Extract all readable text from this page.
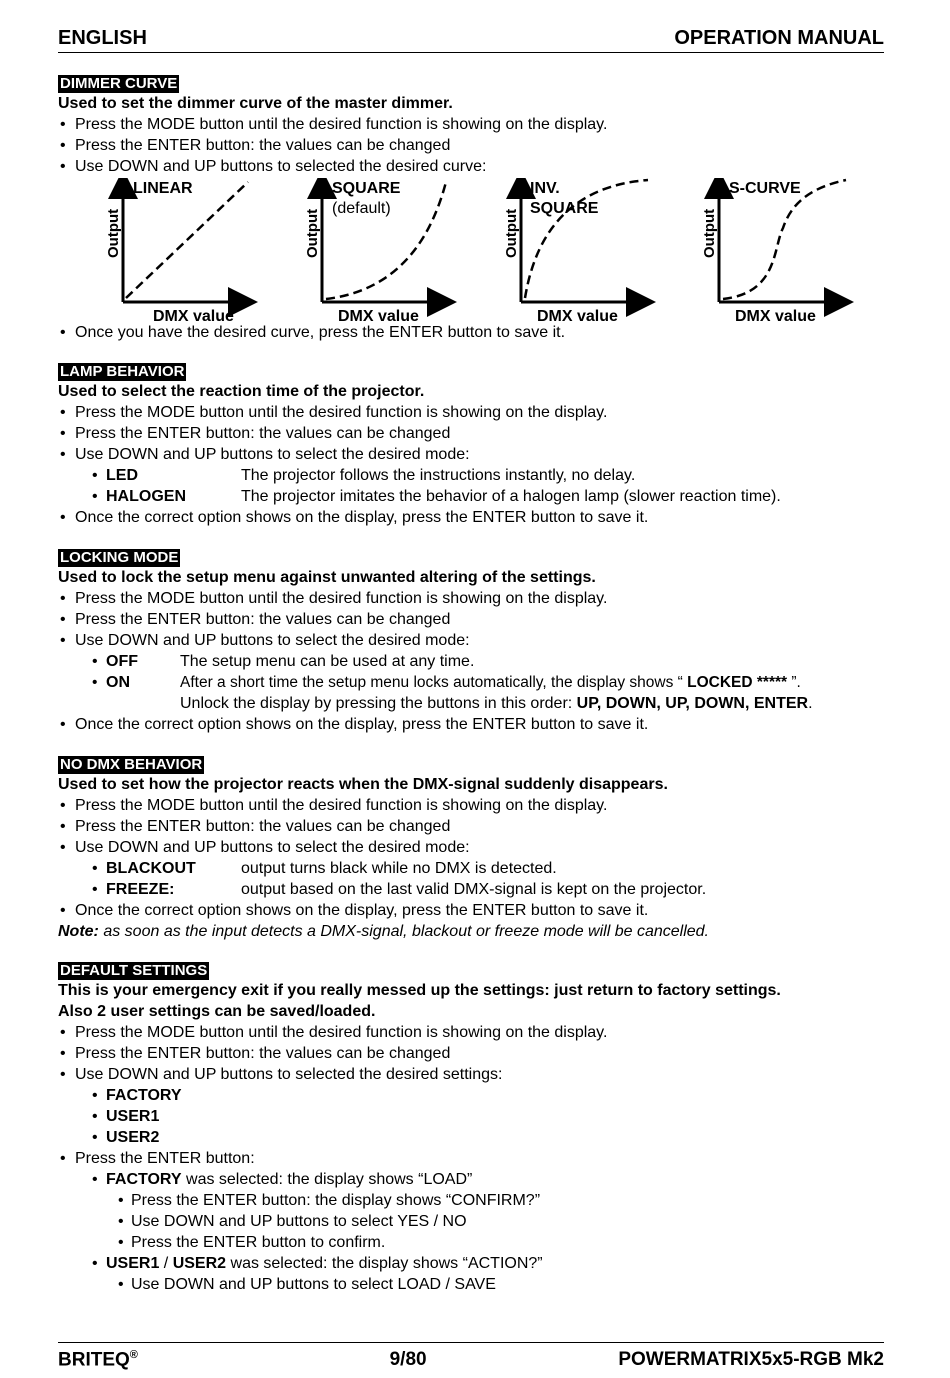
ENGLISH	OPERATION MANUAL
DIMMER CURVE
Used to set the dimmer curve of the master dimmer.
• Press the MODE button until the desired function is showing on the display.
• Press the ENTER button: the values can be changed
• Use DOWN and UP buttons to selected the desired curve:
LINEAR
Output
DMX value
SQUARE
(default)
Output
DMX value
INV.
SQUARE
Output
DMX value
S-CURVE
Output
DMX value
• Once you have the desired curve, press the ENTER button to save it.
LAMP BEHAVIOR
Used to select the reaction time of the projector.
• Press the MODE button until the desired function is showing on the display.
• Press the ENTER button: the values can be changed
• Use DOWN and UP buttons to select the desired mode:
• LED	The projector follows the instructions instantly, no delay.
• HALOGEN	The projector imitates the behavior of a halogen lamp (slower reaction time).
• Once the correct option shows on the display, press the ENTER button to save it.
LOCKING MODE
Used to lock the setup menu against unwanted altering of the settings.
• Press the MODE button until the desired function is showing on the display.
• Press the ENTER button: the values can be changed
• Use DOWN and UP buttons to select the desired mode:
• OFF	The setup menu can be used at any time.
• ON	After a short time the setup menu locks automatically, the display shows “ LOCKED ***** ”.
Unlock the display by pressing the buttons in this order: UP, DOWN, UP, DOWN, ENTER.
• Once the correct option shows on the display, press the ENTER button to save it.
NO DMX BEHAVIOR
Used to set how the projector reacts when the DMX-signal suddenly disappears.
• Press the MODE button until the desired function is showing on the display.
• Press the ENTER button: the values can be changed
• Use DOWN and UP buttons to select the desired mode:
• BLACKOUT	output turns black while no DMX is detected.
• FREEZE:	output based on the last valid DMX-signal is kept on the projector.
• Once the correct option shows on the display, press the ENTER button to save it.
Note: as soon as the input detects a DMX-signal, blackout or freeze mode will be cancelled.
DEFAULT SETTINGS
This is your emergency exit if you really messed up the settings: just return to factory settings.
Also 2 user settings can be saved/loaded.
• Press the MODE button until the desired function is showing on the display.
• Press the ENTER button: the values can be changed
• Use DOWN and UP buttons to selected the desired settings:
• FACTORY
• USER1
• USER2
• Press the ENTER button:
• FACTORY was selected: the display shows “LOAD”
• Press the ENTER button: the display shows “CONFIRM?”
• Use DOWN and UP buttons to select YES / NO
• Press the ENTER button to confirm.
• USER1 / USER2 was selected: the display shows “ACTION?”
• Use DOWN and UP buttons to select LOAD / SAVE
BRITEQ®	9/80	POWERMATRIX5x5-RGB Mk2
